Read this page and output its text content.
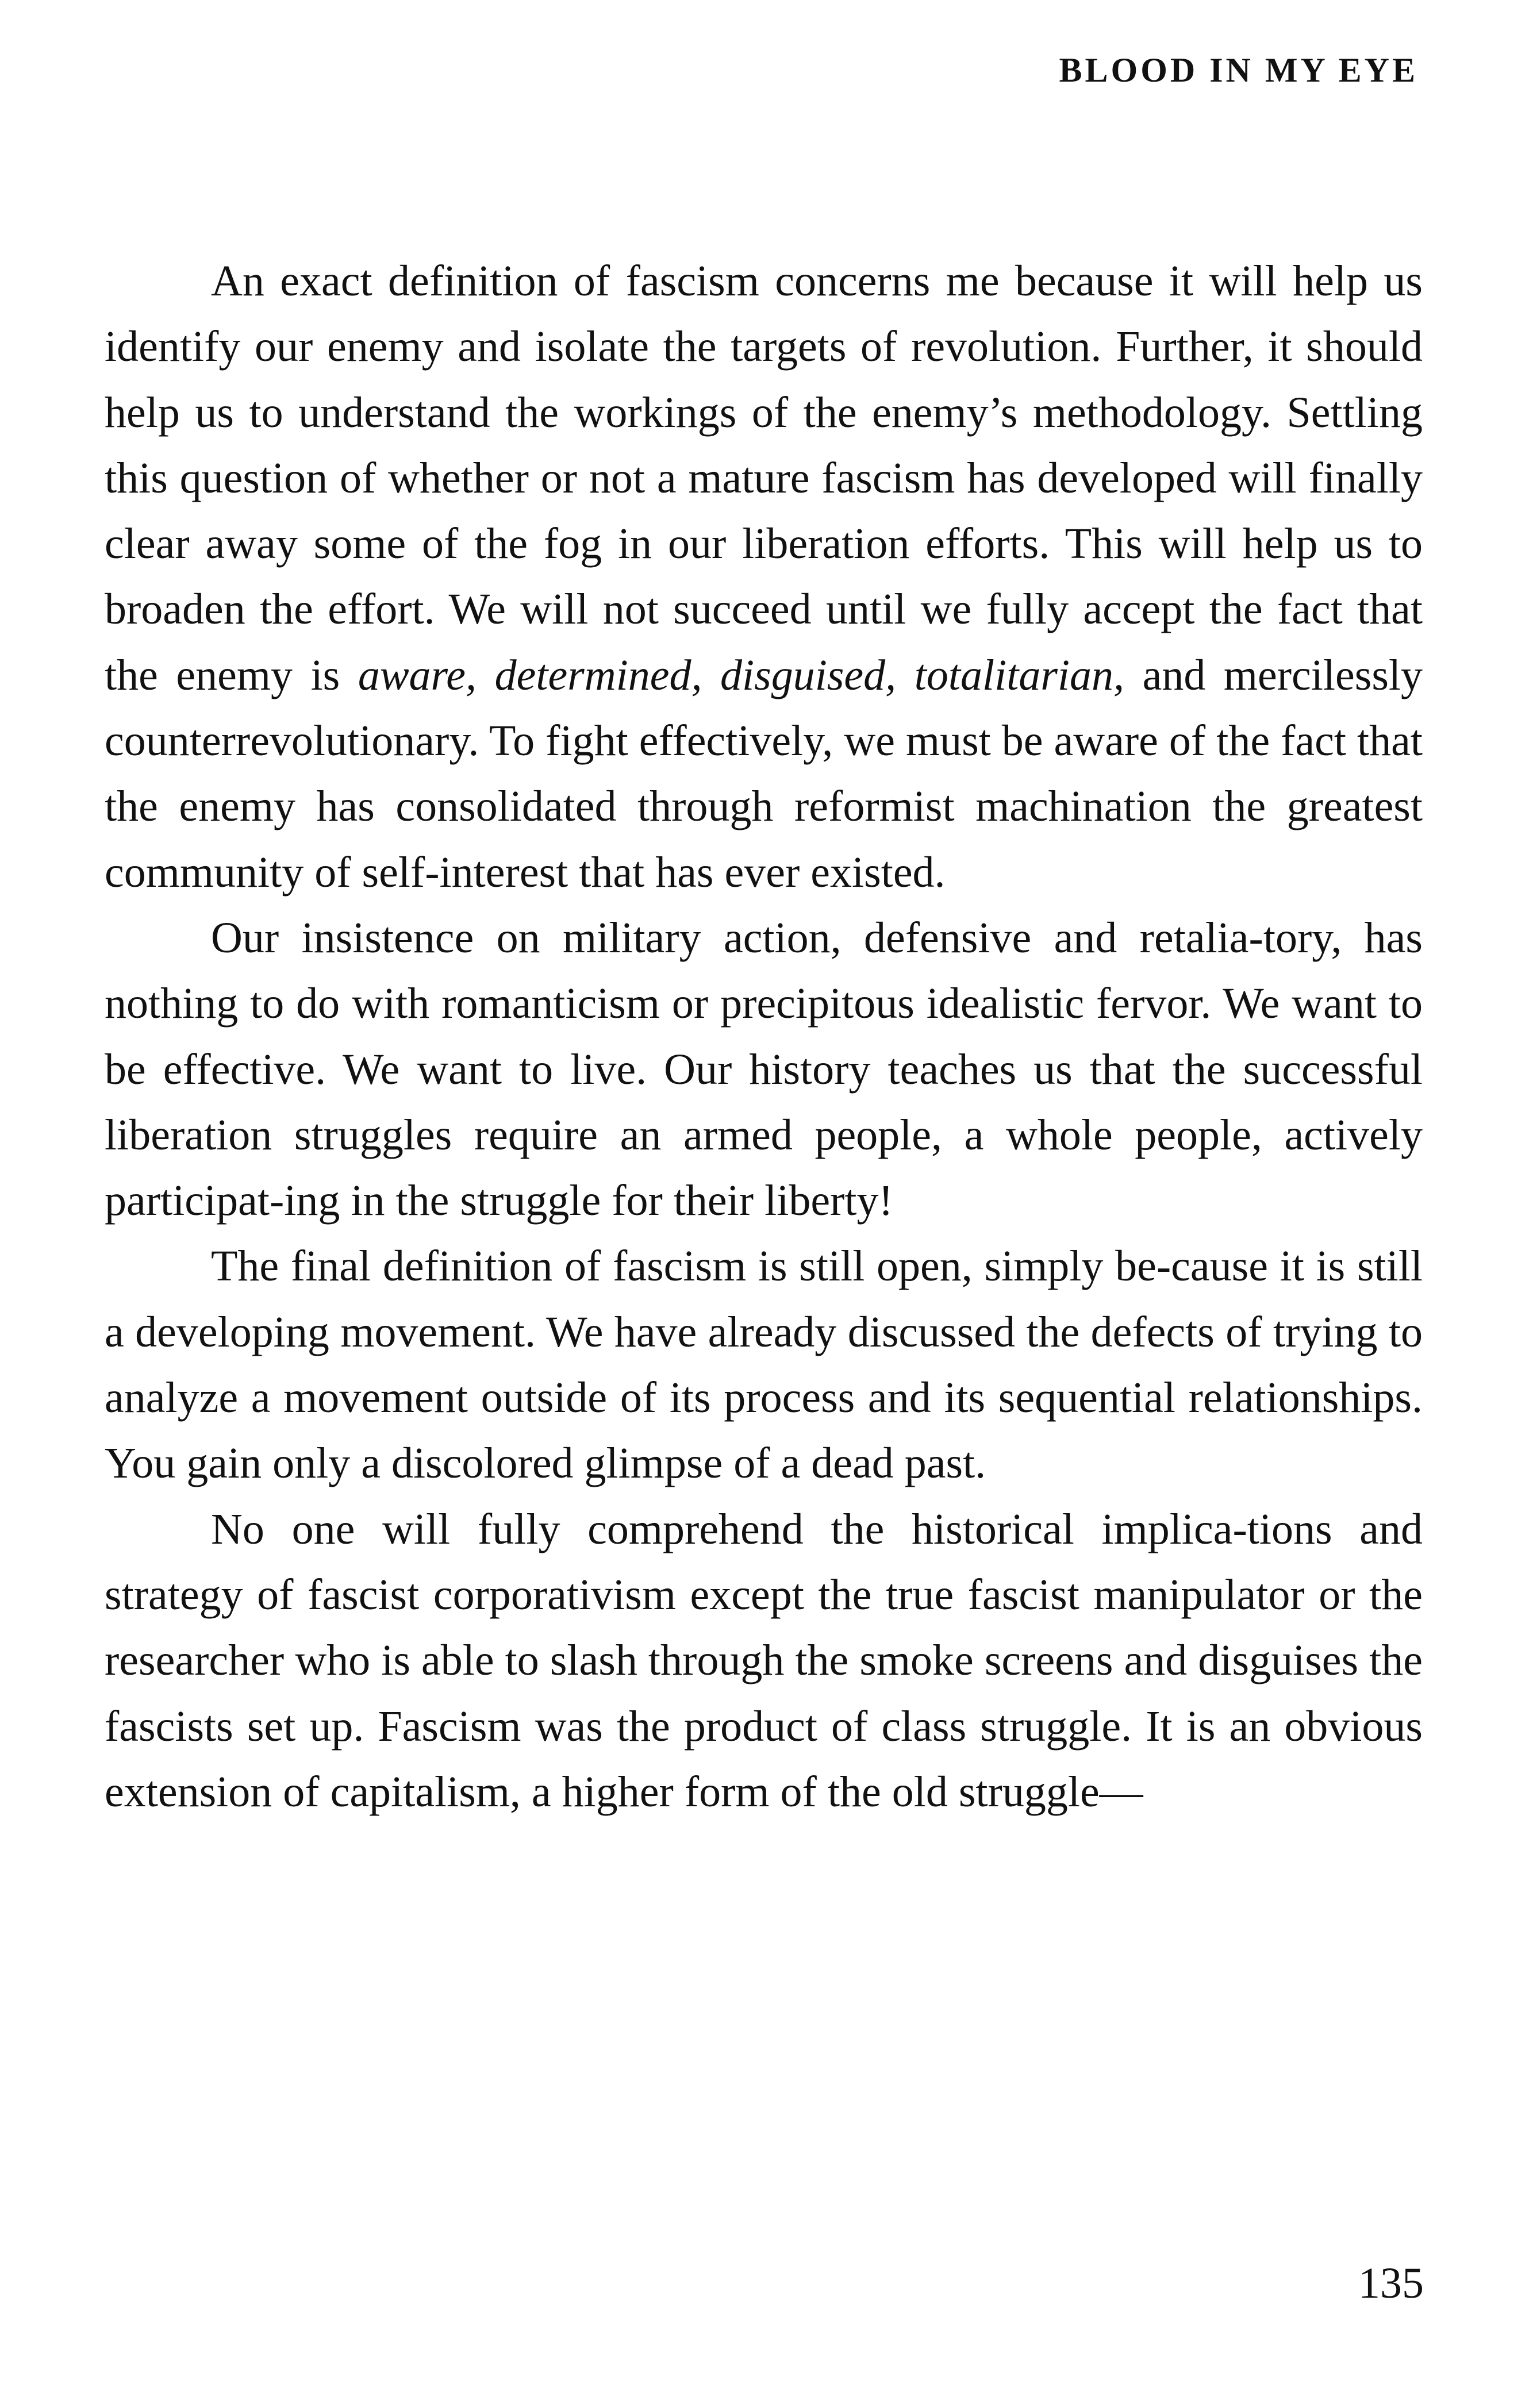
BLOOD IN MY EYE

An exact definition of fascism concerns me because it will help us identify our enemy and isolate the targets of revolution. Further, it should help us to understand the workings of the enemy’s methodology. Settling this question of whether or not a mature fascism has developed will finally clear away some of the fog in our liberation efforts. This will help us to broaden the effort. We will not succeed until we fully accept the fact that the enemy is aware, determined, disguised, totalitarian, and mercilessly counterrevolutionary. To fight effectively, we must be aware of the fact that the enemy has consolidated through reformist machination the greatest community of self-interest that has ever existed.

Our insistence on military action, defensive and retalia-tory, has nothing to do with romanticism or precipitous idealistic fervor. We want to be effective. We want to live. Our history teaches us that the successful liberation struggles require an armed people, a whole people, actively participat-ing in the struggle for their liberty!

The final definition of fascism is still open, simply be-cause it is still a developing movement. We have already discussed the defects of trying to analyze a movement outside of its process and its sequential relationships. You gain only a discolored glimpse of a dead past.

No one will fully comprehend the historical implica-tions and strategy of fascist corporativism except the true fascist manipulator or the researcher who is able to slash through the smoke screens and disguises the fascists set up. Fascism was the product of class struggle. It is an obvious extension of capitalism, a higher form of the old struggle—

135
